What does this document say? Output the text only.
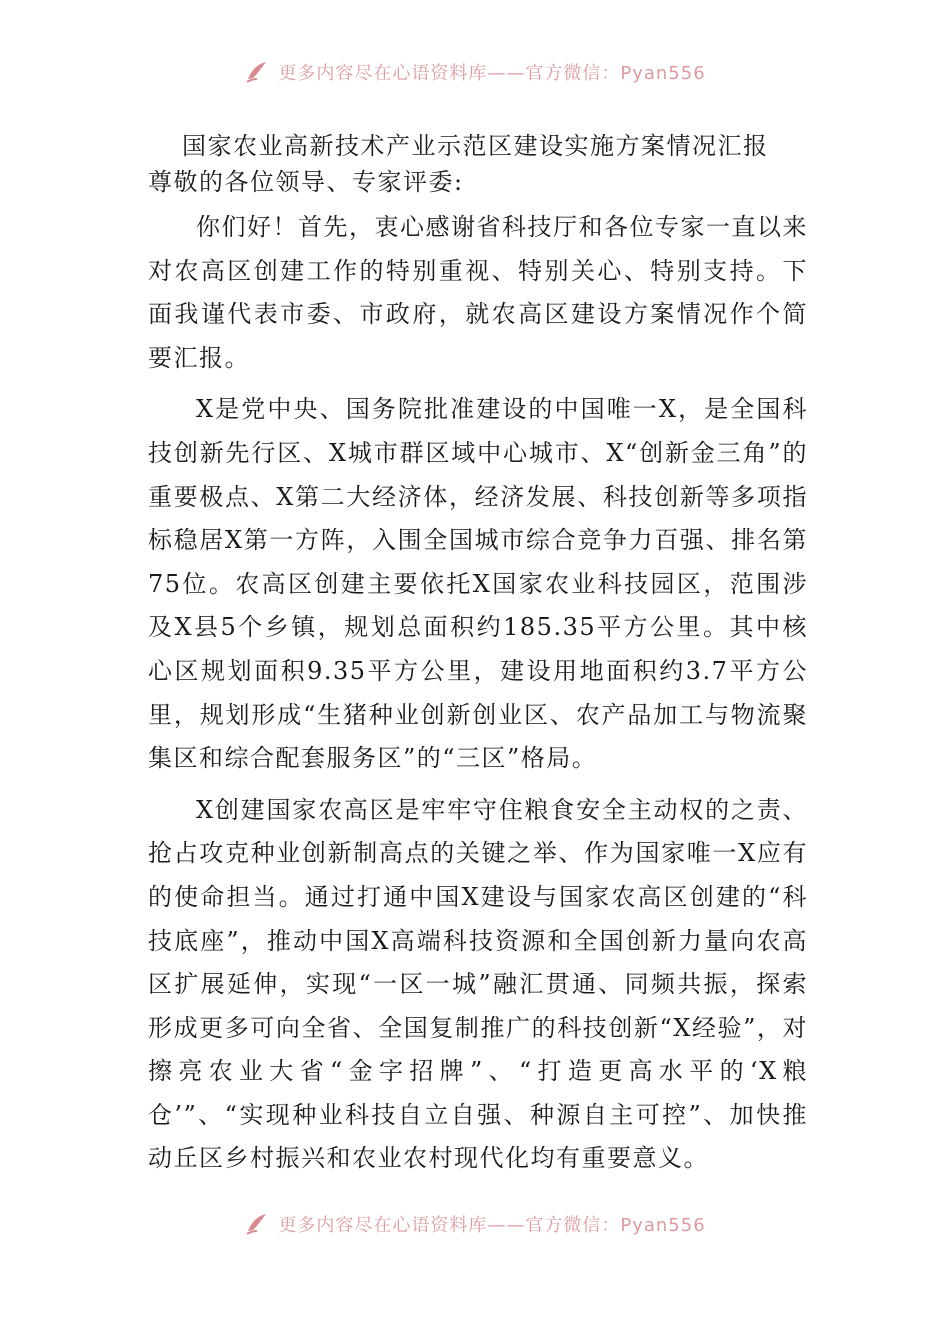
更多内容尽在心语资料库——官方微信：Pyan556
国家农业高新技术产业示范区建设实施方案情况汇报
尊敬的各位领导、专家评委:

你们好！首先，衷心感谢省科技厅和各位专家一直以来对农高区创建工作的特别重视、特别关心、特别支持。下面我谨代表市委、市政府，就农高区建设方案情况作个简要汇报。

X是党中央、国务院批准建设的中国唯一X，是全国科技创新先行区、X城市群区域中心城市、X“创新金三角”的重要极点、X第二大经济体，经济发展、科技创新等多项指标稳居X第一方阵，入围全国城市综合竞争力百强、排名第75位。农高区创建主要依托X国家农业科技园区，范围涉及X县5个乡镇，规划总面积约185.35平方公里。其中核心区规划面积9.35平方公里，建设用地面积约3.7平方公里，规划形成“生猪种业创新创业区、农产品加工与物流聚集区和综合配套服务区”的“三区”格局。

X创建国家农高区是牢牢守住粮食安全主动权的之责、抢占攻克种业创新制高点的关键之举、作为国家唯一X应有的使命担当。通过打通中国X建设与国家农高区创建的“科技底座”，推动中国X高端科技资源和全国创新力量向农高区扩展延伸，实现“一区一城”融汇贯通、同频共振，探索形成更多可向全省、全国复制推广的科技创新“X经验”，对擦亮农业大省“金字招牌”、“打造更高水平的‘X粮仓’”、“实现种业科技自立自强、种源自主可控”、加快推动丘区乡村振兴和农业农村现代化均有重要意义。

更多内容尽在心语资料库——官方微信：Pyan556
